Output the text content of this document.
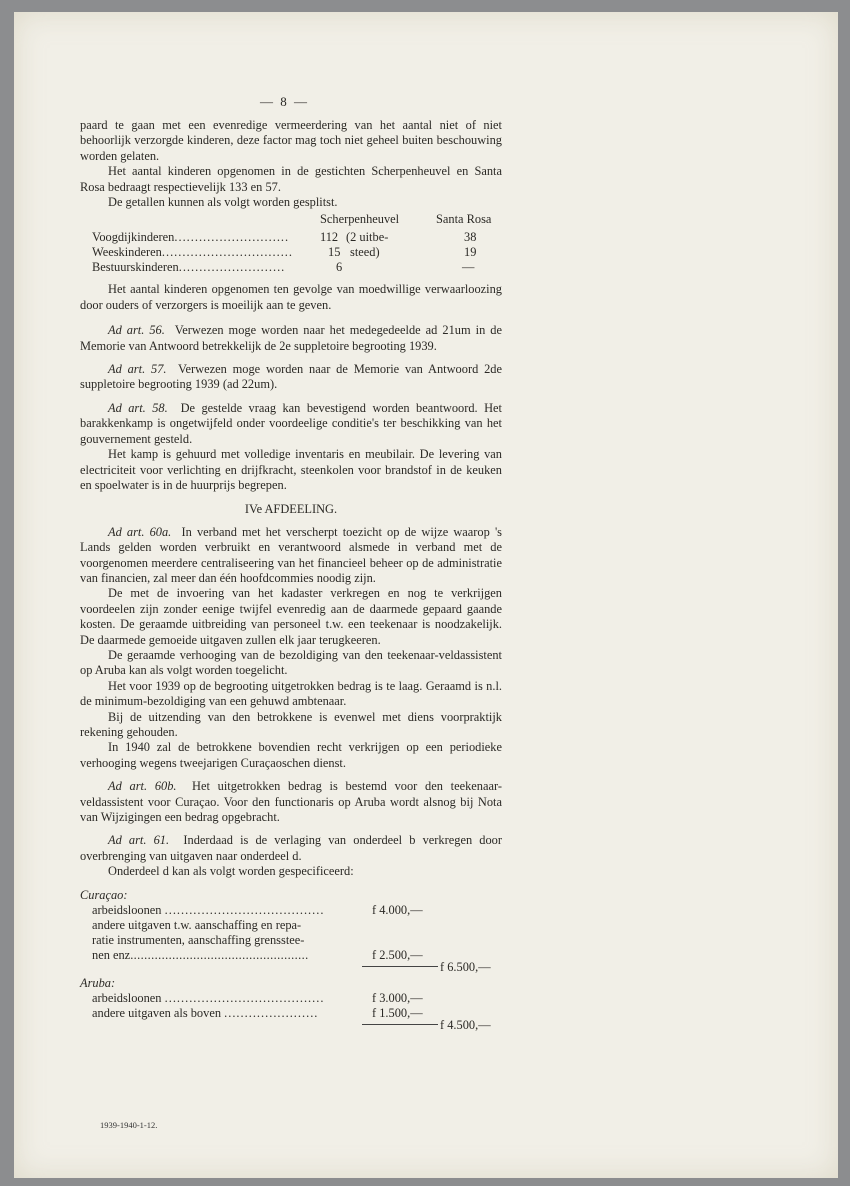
— 8 —

paard te gaan met een evenredige vermeerdering van het aantal niet of niet behoorlijk verzorgde kinderen, deze factor mag toch niet geheel buiten beschouwing worden gelaten.

Het aantal kinderen opgenomen in de gestichten Scherpenheuvel en Santa Rosa bedraagt respectievelijk 133 en 57.

De getallen kunnen als volgt worden gesplitst.

Scherpenheuvel	Santa Rosa
Voogdijkinderen............................ 112 (2 uitbe-	38
Weeskinderen................................	15 steed)	19
Bestuurskinderen..........................	6	—

Het aantal kinderen opgenomen ten gevolge van moedwillige verwaarloozing door ouders of verzorgers is moeilijk aan te geven.

Ad art. 56. Verwezen moge worden naar het medegedeelde ad 21um in de Memorie van Antwoord betrekkelijk de 2e suppletoire begrooting 1939.

Ad art. 57. Verwezen moge worden naar de Memorie van Antwoord 2de suppletoire begrooting 1939 (ad 22um).

Ad art. 58. De gestelde vraag kan bevestigend worden beantwoord. Het barakkenkamp is ongetwijfeld onder voordeelige conditie's ter beschikking van het gouvernement gesteld.

Het kamp is gehuurd met volledige inventaris en meubilair. De levering van electriciteit voor verlichting en drijfkracht, steenkolen voor brandstof in de keuken en spoelwater is in de huurprijs begrepen.

IVe AFDEELING.

Ad art. 60a. In verband met het verscherpt toezicht op de wijze waarop 's Lands gelden worden verbruikt en verantwoord alsmede in verband met de voorgenomen meerdere centraliseering van het financieel beheer op de administratie van financien, zal meer dan één hoofdcommies noodig zijn.

De met de invoering van het kadaster verkregen en nog te verkrijgen voordeelen zijn zonder eenige twijfel evenredig aan de daarmede gepaard gaande kosten. De geraamde uitbreiding van personeel t.w. een teekenaar is noodzakelijk. De daarmede gemoeide uitgaven zullen elk jaar terugkeeren.

De geraamde verhooging van de bezoldiging van den teekenaar-veldassistent op Aruba kan als volgt worden toegelicht.

Het voor 1939 op de begrooting uitgetrokken bedrag is te laag. Geraamd is n.l. de minimum-bezoldiging van een gehuwd ambtenaar.

Bij de uitzending van den betrokkene is evenwel met diens voorpraktijk rekening gehouden.

In 1940 zal de betrokkene bovendien recht verkrijgen op een periodieke verhooging wegens tweejarigen Curaçaoschen dienst.

Ad art. 60b. Het uitgetrokken bedrag is bestemd voor den teekenaar-veldassistent voor Curaçao. Voor den functionaris op Aruba wordt alsnog bij Nota van Wijzigingen een bedrag opgebracht.

Ad art. 61. Inderdaad is de verlaging van onderdeel b verkregen door overbrenging van uitgaven naar onderdeel d.

Onderdeel d kan als volgt worden gespecificeerd:

Curaçao:
arbeidsloonen .......................................	f 4.000,—
andere uitgaven t.w. aanschaffing en repa-
ratie instrumenten, aanschaffing grenssteе-
nen enz...................................................	f 2.500,—
f 6.500,—
Aruba:
arbeidsloonen .......................................	f 3.000,—
andere uitgaven als boven .......................	f 1.500,—
f 4.500,—
1939-1940-1-12.
